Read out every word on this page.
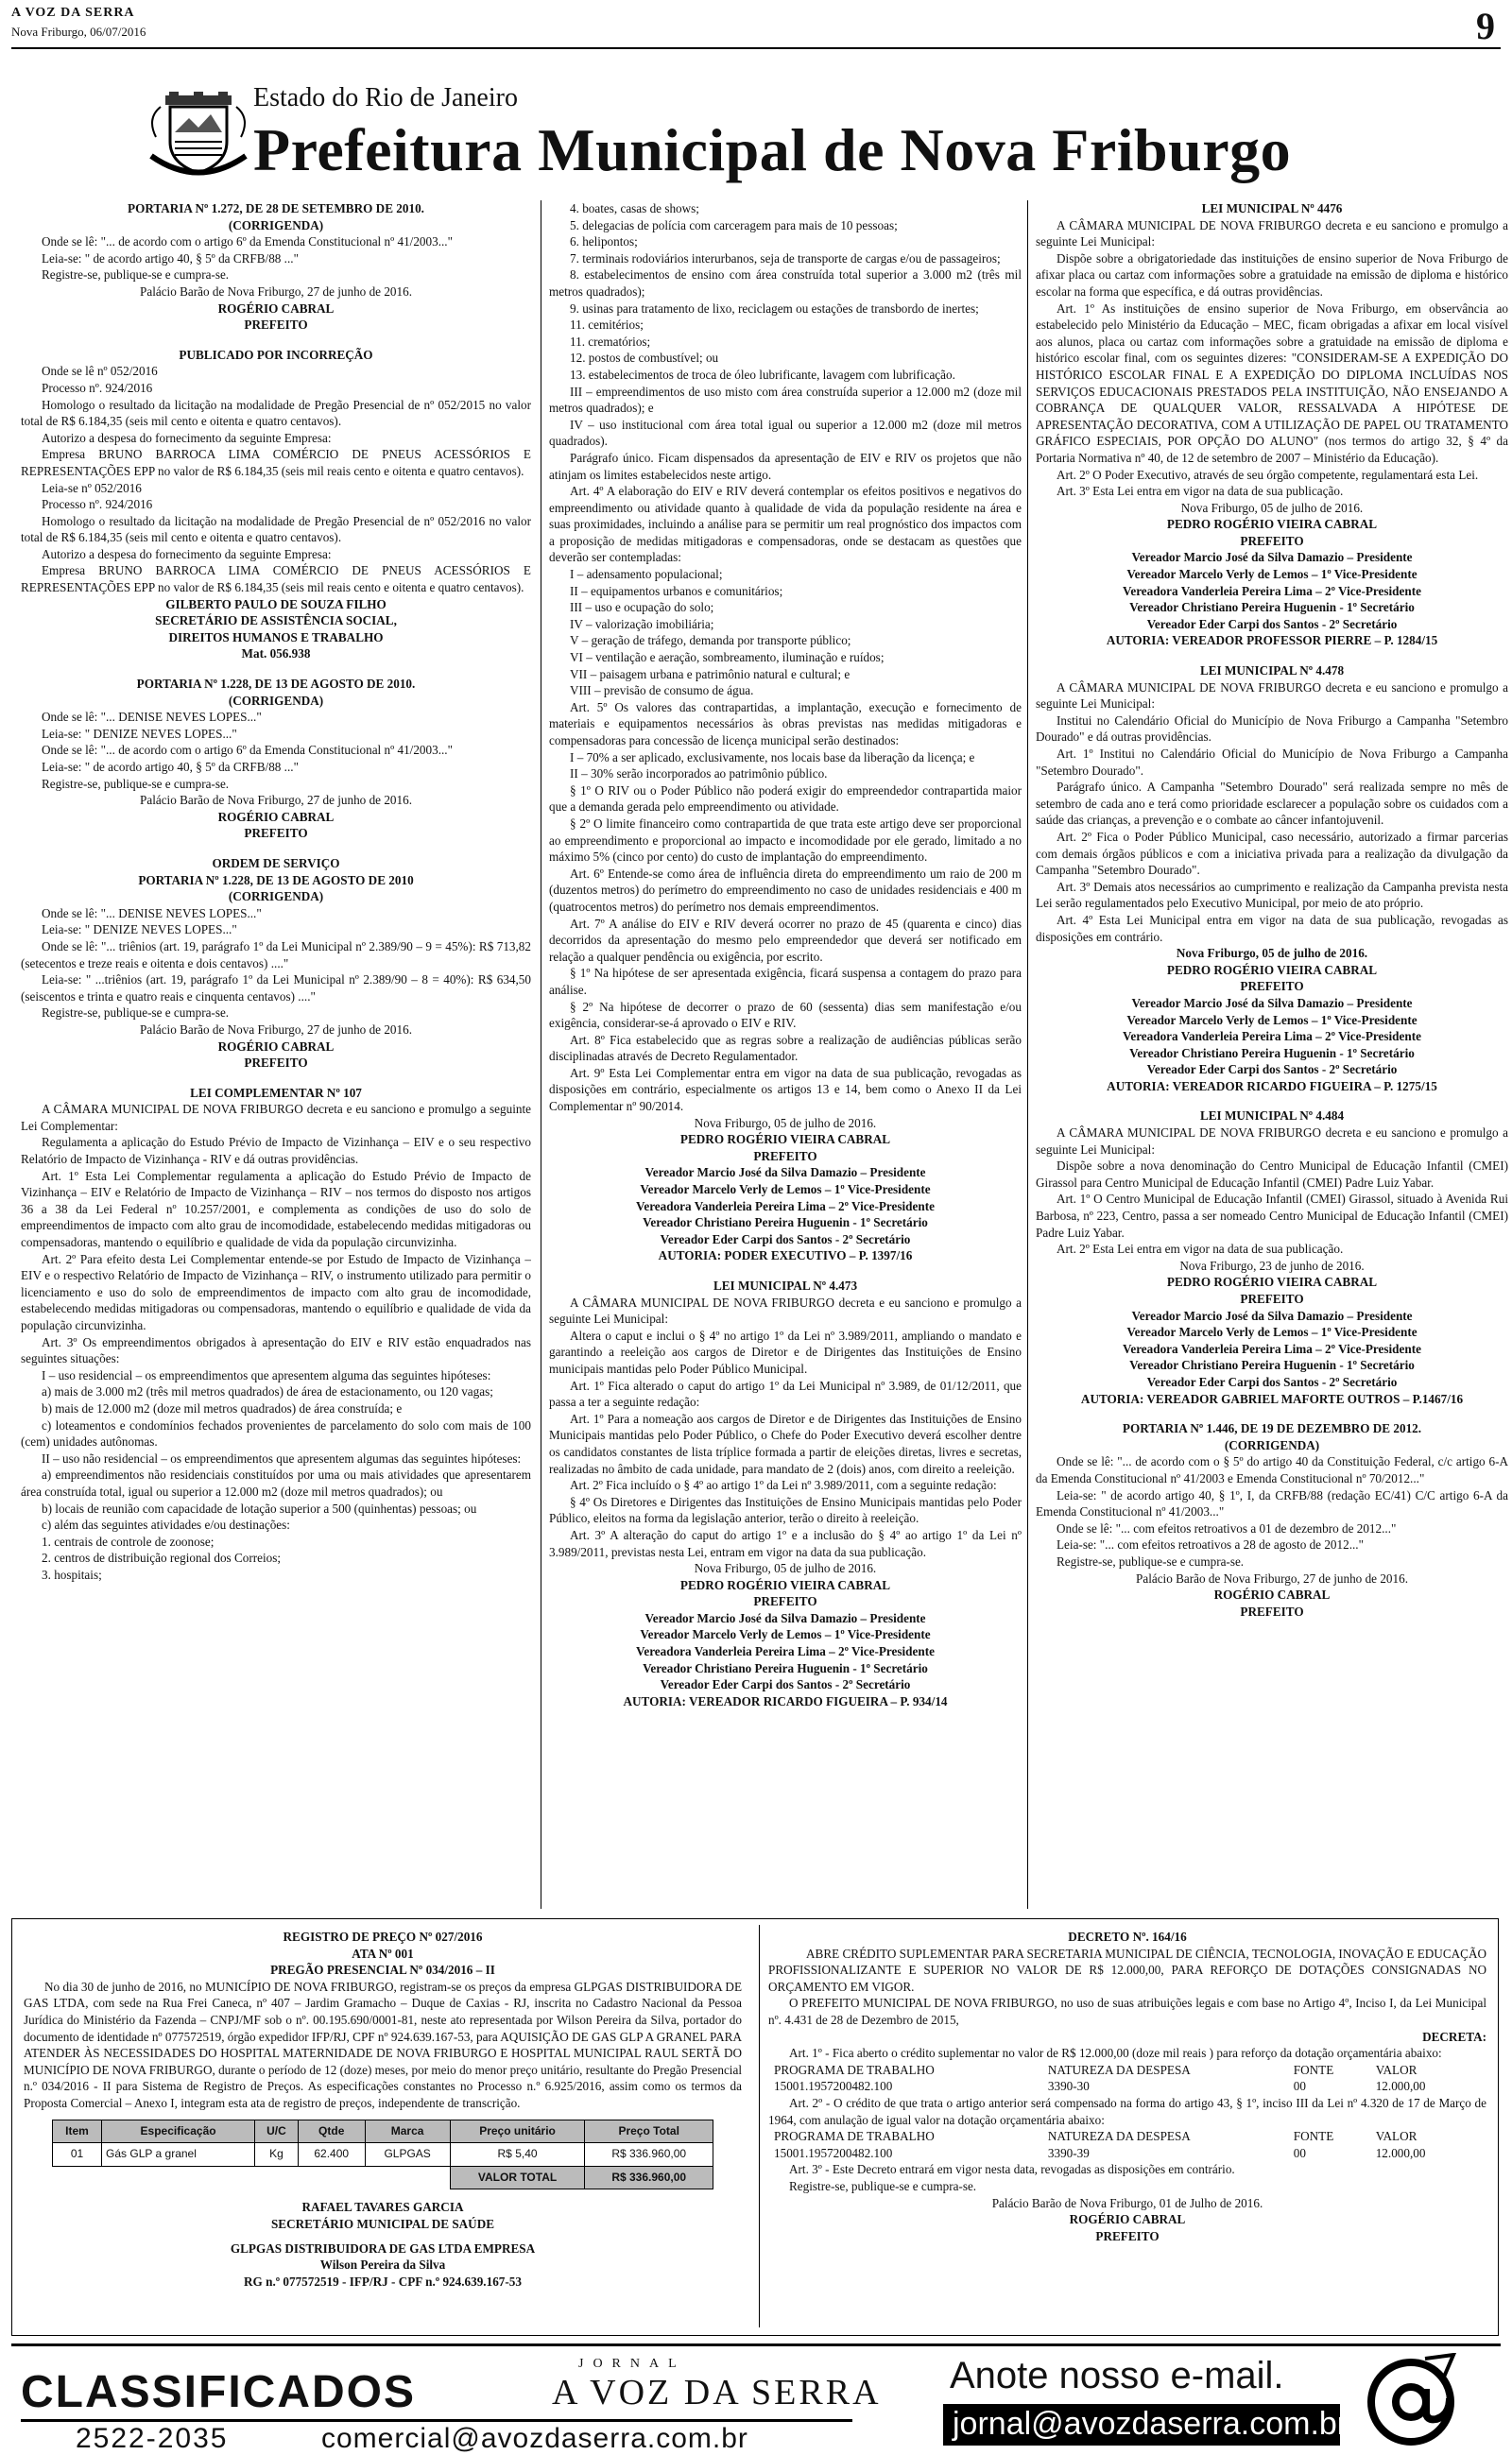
A VOZ DA SERRA
Nova Friburgo, 06/07/2016	9
Estado do Rio de Janeiro
Prefeitura Municipal de Nova Friburgo

PORTARIA Nº 1.272, DE 28 DE SETEMBRO DE 2010.

(CORRIGENDA)

Onde se lê: "... de acordo com o artigo 6º da Emenda Constitucional nº 41/2003..."

Leia-se: " de acordo artigo 40, § 5º da CRFB/88 ..."

Registre-se, publique-se e cumpra-se.

Palácio Barão de Nova Friburgo, 27 de junho de 2016.

ROGÉRIO CABRAL

PREFEITO

PUBLICADO POR INCORREÇÃO

Onde se lê nº 052/2016

Processo nº. 924/2016

Homologo o resultado da licitação na modalidade de Pregão Presencial de nº 052/2015 no valor total de R$ 6.184,35 (seis mil cento e oitenta e quatro centavos).

Autorizo a despesa do fornecimento da seguinte Empresa:

Empresa BRUNO BARROCA LIMA COMÉRCIO DE PNEUS ACESSÓRIOS E REPRESENTAÇÕES EPP no valor de R$ 6.184,35 (seis mil reais cento e oitenta e quatro centavos).

Leia-se nº 052/2016

Processo nº. 924/2016

Homologo o resultado da licitação na modalidade de Pregão Presencial de nº 052/2016 no valor total de R$ 6.184,35 (seis mil cento e oitenta e quatro centavos).

Autorizo a despesa do fornecimento da seguinte Empresa:

Empresa BRUNO BARROCA LIMA COMÉRCIO DE PNEUS ACESSÓRIOS E REPRESENTAÇÕES EPP no valor de R$ 6.184,35 (seis mil reais cento e oitenta e quatro centavos).

GILBERTO PAULO DE SOUZA FILHO

SECRETÁRIO DE ASSISTÊNCIA SOCIAL,

DIREITOS HUMANOS E TRABALHO

Mat. 056.938

PORTARIA Nº 1.228, DE 13 DE AGOSTO DE 2010.

(CORRIGENDA)

Onde se lê: "... DENISE NEVES LOPES..."

Leia-se: " DENIZE NEVES LOPES..."

Onde se lê: "... de acordo com o artigo 6º da Emenda Constitucional nº 41/2003..."

Leia-se: " de acordo artigo 40, § 5º da CRFB/88 ..."

Registre-se, publique-se e cumpra-se.

Palácio Barão de Nova Friburgo, 27 de junho de 2016.

ROGÉRIO CABRAL

PREFEITO

ORDEM DE SERVIÇO

PORTARIA Nº 1.228, DE 13 DE AGOSTO DE 2010

(CORRIGENDA)

Onde se lê: "... DENISE NEVES LOPES..."

Leia-se: " DENIZE NEVES LOPES..."

Onde se lê: "... triênios (art. 19, parágrafo 1º da Lei Municipal nº 2.389/90 – 9 = 45%): R$ 713,82 (setecentos e treze reais e oitenta e dois centavos) ...."

Leia-se: " ...triênios (art. 19, parágrafo 1º da Lei Municipal nº 2.389/90 – 8 = 40%): R$ 634,50 (seiscentos e trinta e quatro reais e cinquenta centavos) ...."

Registre-se, publique-se e cumpra-se.

Palácio Barão de Nova Friburgo, 27 de junho de 2016.

ROGÉRIO CABRAL

PREFEITO

LEI COMPLEMENTAR Nº 107

A CÂMARA MUNICIPAL DE NOVA FRIBURGO decreta e eu sanciono e promulgo a seguinte Lei Complementar:

Regulamenta a aplicação do Estudo Prévio de Impacto de Vizinhança – EIV e o seu respectivo Relatório de Impacto de Vizinhança - RIV e dá outras providências.

Art. 1º Esta Lei Complementar regulamenta a aplicação do Estudo Prévio de Impacto de Vizinhança – EIV e Relatório de Impacto de Vizinhança – RIV – nos termos do disposto nos artigos 36 a 38 da Lei Federal nº 10.257/2001, e complementa as condições de uso do solo de empreendimentos de impacto com alto grau de incomodidade, estabelecendo medidas mitigadoras ou compensadoras, mantendo o equilíbrio e qualidade de vida da população circunvizinha.

Art. 2º Para efeito desta Lei Complementar entende-se por Estudo de Impacto de Vizinhança – EIV e o respectivo Relatório de Impacto de Vizinhança – RIV, o instrumento utilizado para permitir o licenciamento e uso do solo de empreendimentos de impacto com alto grau de incomodidade, estabelecendo medidas mitigadoras ou compensadoras, mantendo o equilíbrio e qualidade de vida da população circunvizinha.

Art. 3º Os empreendimentos obrigados à apresentação do EIV e RIV estão enquadrados nas seguintes situações:

I – uso residencial – os empreendimentos que apresentem alguma das seguintes hipóteses:

a) mais de 3.000 m2 (três mil metros quadrados) de área de estacionamento, ou 120 vagas;

b) mais de 12.000 m2 (doze mil metros quadrados) de área construída; e

c) loteamentos e condomínios fechados provenientes de parcelamento do solo com mais de 100 (cem) unidades autônomas.

II – uso não residencial – os empreendimentos que apresentem algumas das seguintes hipóteses:

a) empreendimentos não residenciais constituídos por uma ou mais atividades que apresentarem área construída total, igual ou superior a 12.000 m2 (doze mil metros quadrados); ou

b) locais de reunião com capacidade de lotação superior a 500 (quinhentas) pessoas; ou

c) além das seguintes atividades e/ou destinações:

1. centrais de controle de zoonose;

2. centros de distribuição regional dos Correios;

3. hospitais;

4. boates, casas de shows;

5. delegacias de polícia com carceragem para mais de 10 pessoas;

6. helipontos;

7. terminais rodoviários interurbanos, seja de transporte de cargas e/ou de passageiros;

8. estabelecimentos de ensino com área construída total superior a 3.000 m2 (três mil metros quadrados);

9. usinas para tratamento de lixo, reciclagem ou estações de transbordo de inertes;

11. cemitérios;

11. crematórios;

12. postos de combustível; ou

13. estabelecimentos de troca de óleo lubrificante, lavagem com lubrificação.

III – empreendimentos de uso misto com área construída superior a 12.000 m2 (doze mil metros quadrados); e

IV – uso institucional com área total igual ou superior a 12.000 m2 (doze mil metros quadrados).

Parágrafo único. Ficam dispensados da apresentação de EIV e RIV os projetos que não atinjam os limites estabelecidos neste artigo.

Art. 4º A elaboração do EIV e RIV deverá contemplar os efeitos positivos e negativos do empreendimento ou atividade quanto à qualidade de vida da população residente na área e suas proximidades, incluindo a análise para se permitir um real prognóstico dos impactos com a proposição de medidas mitigadoras e compensadoras, onde se destacam as questões que deverão ser contempladas:

I – adensamento populacional;

II – equipamentos urbanos e comunitários;

III – uso e ocupação do solo;

IV – valorização imobiliária;

V – geração de tráfego, demanda por transporte público;

VI – ventilação e aeração, sombreamento, iluminação e ruídos;

VII – paisagem urbana e patrimônio natural e cultural; e

VIII – previsão de consumo de água.

Art. 5º Os valores das contrapartidas, a implantação, execução e fornecimento de materiais e equipamentos necessários às obras previstas nas medidas mitigadoras e compensadoras para concessão de licença municipal serão destinados:

I – 70% a ser aplicado, exclusivamente, nos locais base da liberação da licença; e

II – 30% serão incorporados ao patrimônio público.

§ 1º O RIV ou o Poder Público não poderá exigir do empreendedor contrapartida maior que a demanda gerada pelo empreendimento ou atividade.

§ 2º O limite financeiro como contrapartida de que trata este artigo deve ser proporcional ao empreendimento e proporcional ao impacto e incomodidade por ele gerado, limitado a no máximo 5% (cinco por cento) do custo de implantação do empreendimento.

Art. 6º Entende-se como área de influência direta do empreendimento um raio de 200 m (duzentos metros) do perímetro do empreendimento no caso de unidades residenciais e 400 m (quatrocentos metros) do perímetro nos demais empreendimentos.

Art. 7º A análise do EIV e RIV deverá ocorrer no prazo de 45 (quarenta e cinco) dias decorridos da apresentação do mesmo pelo empreendedor que deverá ser notificado em relação a qualquer pendência ou exigência, por escrito.

§ 1º Na hipótese de ser apresentada exigência, ficará suspensa a contagem do prazo para análise.

§ 2º Na hipótese de decorrer o prazo de 60 (sessenta) dias sem manifestação e/ou exigência, considerar-se-á aprovado o EIV e RIV.

Art. 8º Fica estabelecido que as regras sobre a realização de audiências públicas serão disciplinadas através de Decreto Regulamentador.

Art. 9º Esta Lei Complementar entra em vigor na data de sua publicação, revogadas as disposições em contrário, especialmente os artigos 13 e 14, bem como o Anexo II da Lei Complementar nº 90/2014.

Nova Friburgo, 05 de julho de 2016.

PEDRO ROGÉRIO VIEIRA CABRAL

PREFEITO

Vereador Marcio José da Silva Damazio – Presidente

Vereador Marcelo Verly de Lemos – 1º Vice-Presidente

Vereadora Vanderleia Pereira Lima – 2º Vice-Presidente

Vereador Christiano Pereira Huguenin - 1º Secretário

Vereador Eder Carpi dos Santos - 2º Secretário

AUTORIA: PODER EXECUTIVO – P. 1397/16

LEI MUNICIPAL Nº 4.473

A CÂMARA MUNICIPAL DE NOVA FRIBURGO decreta e eu sanciono e promulgo a seguinte Lei Municipal:

Altera o caput e inclui o § 4º no artigo 1º da Lei nº 3.989/2011, ampliando o mandato e garantindo a reeleição aos cargos de Diretor e de Dirigentes das Instituições de Ensino municipais mantidas pelo Poder Público Municipal.

Art. 1º Fica alterado o caput do artigo 1º da Lei Municipal nº 3.989, de 01/12/2011, que passa a ter a seguinte redação:

Art. 1º Para a nomeação aos cargos de Diretor e de Dirigentes das Instituições de Ensino Municipais mantidas pelo Poder Público, o Chefe do Poder Executivo deverá escolher dentre os candidatos constantes de lista tríplice formada a partir de eleições diretas, livres e secretas, realizadas no âmbito de cada unidade, para mandato de 2 (dois) anos, com direito a reeleição.

Art. 2º Fica incluído o § 4º ao artigo 1º da Lei nº 3.989/2011, com a seguinte redação:

§ 4º Os Diretores e Dirigentes das Instituições de Ensino Municipais mantidas pelo Poder Público, eleitos na forma da legislação anterior, terão o direito à reeleição.

Art. 3º A alteração do caput do artigo 1º e a inclusão do § 4º ao artigo 1º da Lei nº 3.989/2011, previstas nesta Lei, entram em vigor na data da sua publicação.

Nova Friburgo, 05 de julho de 2016.

PEDRO ROGÉRIO VIEIRA CABRAL

PREFEITO

Vereador Marcio José da Silva Damazio – Presidente

Vereador Marcelo Verly de Lemos – 1º Vice-Presidente

Vereadora Vanderleia Pereira Lima – 2º Vice-Presidente

Vereador Christiano Pereira Huguenin - 1º Secretário

Vereador Eder Carpi dos Santos - 2º Secretário

AUTORIA: VEREADOR RICARDO FIGUEIRA – P. 934/14

LEI MUNICIPAL Nº 4476

A CÂMARA MUNICIPAL DE NOVA FRIBURGO decreta e eu sanciono e promulgo a seguinte Lei Municipal:

Dispõe sobre a obrigatoriedade das instituições de ensino superior de Nova Friburgo de afixar placa ou cartaz com informações sobre a gratuidade na emissão de diploma e histórico escolar na forma que específica, e dá outras providências.

Art. 1º As instituições de ensino superior de Nova Friburgo, em observância ao estabelecido pelo Ministério da Educação – MEC, ficam obrigadas a afixar em local visível aos alunos, placa ou cartaz com informações sobre a gratuidade na emissão de diploma e histórico escolar final, com os seguintes dizeres: "CONSIDERAM-SE A EXPEDIÇÃO DO HISTÓRICO ESCOLAR FINAL E A EXPEDIÇÃO DO DIPLOMA INCLUÍDAS NOS SERVIÇOS EDUCACIONAIS PRESTADOS PELA INSTITUIÇÃO, NÃO ENSEJANDO A COBRANÇA DE QUALQUER VALOR, RESSALVADA A HIPÓTESE DE APRESENTAÇÃO DECORATIVA, COM A UTILIZAÇÃO DE PAPEL OU TRATAMENTO GRÁFICO ESPECIAIS, POR OPÇÃO DO ALUNO" (nos termos do artigo 32, § 4º da Portaria Normativa nº 40, de 12 de setembro de 2007 – Ministério da Educação).

Art. 2º O Poder Executivo, através de seu órgão competente, regulamentará esta Lei.

Art. 3º Esta Lei entra em vigor na data de sua publicação.

Nova Friburgo, 05 de julho de 2016.

PEDRO ROGÉRIO VIEIRA CABRAL

PREFEITO

Vereador Marcio José da Silva Damazio – Presidente

Vereador Marcelo Verly de Lemos – 1º Vice-Presidente

Vereadora Vanderleia Pereira Lima – 2º Vice-Presidente

Vereador Christiano Pereira Huguenin - 1º Secretário

Vereador Eder Carpi dos Santos - 2º Secretário

AUTORIA: VEREADOR PROFESSOR PIERRE – P. 1284/15

LEI MUNICIPAL Nº 4.478

A CÂMARA MUNICIPAL DE NOVA FRIBURGO decreta e eu sanciono e promulgo a seguinte Lei Municipal:

Institui no Calendário Oficial do Município de Nova Friburgo a Campanha "Setembro Dourado" e dá outras providências.

Art. 1º Institui no Calendário Oficial do Município de Nova Friburgo a Campanha "Setembro Dourado".

Parágrafo único. A Campanha "Setembro Dourado" será realizada sempre no mês de setembro de cada ano e terá como prioridade esclarecer a população sobre os cuidados com a saúde das crianças, a prevenção e o combate ao câncer infantojuvenil.

Art. 2º Fica o Poder Público Municipal, caso necessário, autorizado a firmar parcerias com demais órgãos públicos e com a iniciativa privada para a realização da divulgação da Campanha "Setembro Dourado".

Art. 3º Demais atos necessários ao cumprimento e realização da Campanha prevista nesta Lei serão regulamentados pelo Executivo Municipal, por meio de ato próprio.

Art. 4º Esta Lei Municipal entra em vigor na data de sua publicação, revogadas as disposições em contrário.

Nova Friburgo, 05 de julho de 2016.

PEDRO ROGÉRIO VIEIRA CABRAL

PREFEITO

Vereador Marcio José da Silva Damazio – Presidente

Vereador Marcelo Verly de Lemos – 1º Vice-Presidente

Vereadora Vanderleia Pereira Lima – 2º Vice-Presidente

Vereador Christiano Pereira Huguenin - 1º Secretário

Vereador Eder Carpi dos Santos - 2º Secretário

AUTORIA: VEREADOR RICARDO FIGUEIRA – P. 1275/15

LEI MUNICIPAL Nº 4.484

A CÂMARA MUNICIPAL DE NOVA FRIBURGO decreta e eu sanciono e promulgo a seguinte Lei Municipal:

Dispõe sobre a nova denominação do Centro Municipal de Educação Infantil (CMEI) Girassol para Centro Municipal de Educação Infantil (CMEI) Padre Luiz Yabar.

Art. 1º O Centro Municipal de Educação Infantil (CMEI) Girassol, situado à Avenida Rui Barbosa, nº 223, Centro, passa a ser nomeado Centro Municipal de Educação Infantil (CMEI) Padre Luiz Yabar.

Art. 2º Esta Lei entra em vigor na data de sua publicação.

Nova Friburgo, 23 de junho de 2016.

PEDRO ROGÉRIO VIEIRA CABRAL

PREFEITO

Vereador Marcio José da Silva Damazio – Presidente

Vereador Marcelo Verly de Lemos – 1º Vice-Presidente

Vereadora Vanderleia Pereira Lima – 2º Vice-Presidente

Vereador Christiano Pereira Huguenin - 1º Secretário

Vereador Eder Carpi dos Santos - 2º Secretário

AUTORIA: VEREADOR GABRIEL MAFORTE OUTROS – P.1467/16

PORTARIA Nº 1.446, DE 19 DE DEZEMBRO DE 2012.

(CORRIGENDA)

Onde se lê: "... de acordo com o § 5º do artigo 40 da Constituição Federal, c/c artigo 6-A da Emenda Constitucional nº 41/2003 e Emenda Constitucional nº 70/2012..."

Leia-se: " de acordo artigo 40, § 1º, I, da CRFB/88 (redação EC/41) C/C artigo 6-A da Emenda Constitucional nº 41/2003..."

Onde se lê: "... com efeitos retroativos a 01 de dezembro de 2012..."

Leia-se: "... com efeitos retroativos a 28 de agosto de 2012..."

Registre-se, publique-se e cumpra-se.

Palácio Barão de Nova Friburgo, 27 de junho de 2016.

ROGÉRIO CABRAL

PREFEITO

REGISTRO DE PREÇO Nº 027/2016

ATA Nº 001

PREGÃO PRESENCIAL Nº 034/2016 – II

No dia 30 de junho de 2016, no MUNICÍPIO DE NOVA FRIBURGO, registram-se os preços da empresa GLPGAS DISTRIBUIDORA DE GAS LTDA, com sede na Rua Frei Caneca, nº 407 – Jardim Gramacho – Duque de Caxias - RJ, inscrita no Cadastro Nacional da Pessoa Jurídica do Ministério da Fazenda – CNPJ/MF sob o nº. 00.195.690/0001-81, neste ato representada por Wilson Pereira da Silva, portador do documento de identidade nº 077572519, órgão expedidor IFP/RJ, CPF nº 924.639.167-53, para AQUISIÇÃO DE GAS GLP A GRANEL PARA ATENDER ÀS NECESSIDADES DO HOSPITAL MATERNIDADE DE NOVA FRIBURGO E HOSPITAL MUNICIPAL RAUL SERTÃ DO MUNICÍPIO DE NOVA FRIBURGO, durante o período de 12 (doze) meses, por meio do menor preço unitário, resultante do Pregão Presencial n.º 034/2016 - II para Sistema de Registro de Preços. As especificações constantes no Processo n.º 6.925/2016, assim como os termos da Proposta Comercial – Anexo I, integram esta ata de registro de preços, independente de transcrição.

Item	Especificação	U/C	Qtde	Marca	Preço unitário	Preço Total
01	Gás GLP a granel	Kg	62.400	GLPGAS	R$ 5,40	R$ 336.960,00
					VALOR TOTAL	R$ 336.960,00

RAFAEL TAVARES GARCIA

SECRETÁRIO MUNICIPAL DE SAÚDE

GLPGAS DISTRIBUIDORA DE GAS LTDA EMPRESA

Wilson Pereira da Silva

RG n.º 077572519 - IFP/RJ - CPF n.º 924.639.167-53

DECRETO Nº. 164/16

ABRE CRÉDITO SUPLEMENTAR PARA SECRETARIA MUNICIPAL DE CIÊNCIA, TECNOLOGIA, INOVAÇÃO E EDUCAÇÃO PROFISSIONALIZANTE E SUPERIOR NO VALOR DE R$ 12.000,00, PARA REFORÇO DE DOTAÇÕES CONSIGNADAS NO ORÇAMENTO EM VIGOR.

O PREFEITO MUNICIPAL DE NOVA FRIBURGO, no uso de suas atribuições legais e com base no Artigo 4º, Inciso I, da Lei Municipal nº. 4.431 de 28 de Dezembro de 2015,

DECRETA:

Art. 1º - Fica aberto o crédito suplementar no valor de R$ 12.000,00 (doze mil reais ) para reforço da dotação orçamentária abaixo:

PROGRAMA DE TRABALHO	NATUREZA DA DESPESA	FONTE	VALOR
15001.1957200482.100	3390-30	00	12.000,00

Art. 2º - O crédito de que trata o artigo anterior será compensado na forma do artigo 43, § 1º, inciso III da Lei nº 4.320 de 17 de Março de 1964, com anulação de igual valor na dotação orçamentária abaixo:

PROGRAMA DE TRABALHO	NATUREZA DA DESPESA	FONTE	VALOR
15001.1957200482.100	3390-39	00	12.000,00

Art. 3º - Este Decreto entrará em vigor nesta data, revogadas as disposições em contrário.

Registre-se, publique-se e cumpra-se.

Palácio Barão de Nova Friburgo, 01 de Julho de 2016.

ROGÉRIO CABRAL

PREFEITO

CLASSIFICADOS
JORNAL
A VOZ DA SERRA
2522-2035	comercial@avozdaserra.com.br
Anote nosso e-mail.
jornal@avozdaserra.com.br
